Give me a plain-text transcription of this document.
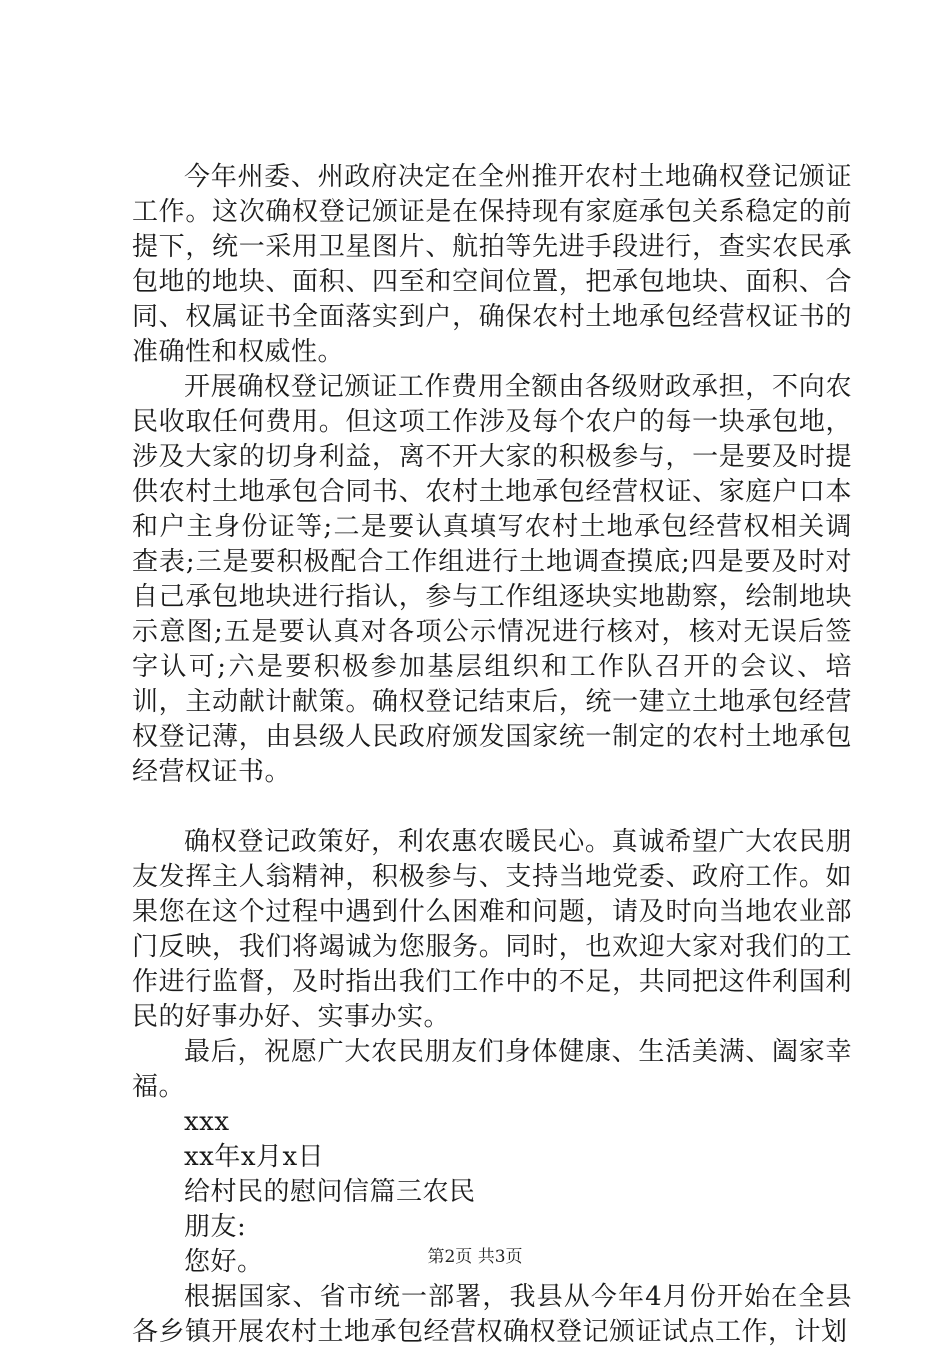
今年州委、州政府决定在全州推开农村土地确权登记颁证工作。这次确权登记颁证是在保持现有家庭承包关系稳定的前提下，统一采用卫星图片、航拍等先进手段进行，查实农民承包地的地块、面积、四至和空间位置，把承包地块、面积、合同、权属证书全面落实到户，确保农村土地承包经营权证书的准确性和权威性。

开展确权登记颁证工作费用全额由各级财政承担，不向农民收取任何费用。但这项工作涉及每个农户的每一块承包地，涉及大家的切身利益，离不开大家的积极参与，一是要及时提供农村土地承包合同书、农村土地承包经营权证、家庭户口本和户主身份证等;二是要认真填写农村土地承包经营权相关调查表;三是要积极配合工作组进行土地调查摸底;四是要及时对自己承包地块进行指认，参与工作组逐块实地勘察，绘制地块示意图;五是要认真对各项公示情况进行核对，核对无误后签字认可;六是要积极参加基层组织和工作队召开的会议、培训，主动献计献策。确权登记结束后，统一建立土地承包经营权登记薄，由县级人民政府颁发国家统一制定的农村土地承包经营权证书。

确权登记政策好，利农惠农暖民心。真诚希望广大农民朋友发挥主人翁精神，积极参与、支持当地党委、政府工作。如果您在这个过程中遇到什么困难和问题，请及时向当地农业部门反映，我们将竭诚为您服务。同时，也欢迎大家对我们的工作进行监督，及时指出我们工作中的不足，共同把这件利国利民的好事办好、实事办实。

最后，祝愿广大农民朋友们身体健康、生活美满、阖家幸福。

xxx

xx年x月x日

给村民的慰问信篇三农民

朋友:

您好。

根据国家、省市统一部署，我县从今年4月份开始在全县各乡镇开展农村土地承包经营权确权登记颁证试点工作，计划

第2页 共3页
